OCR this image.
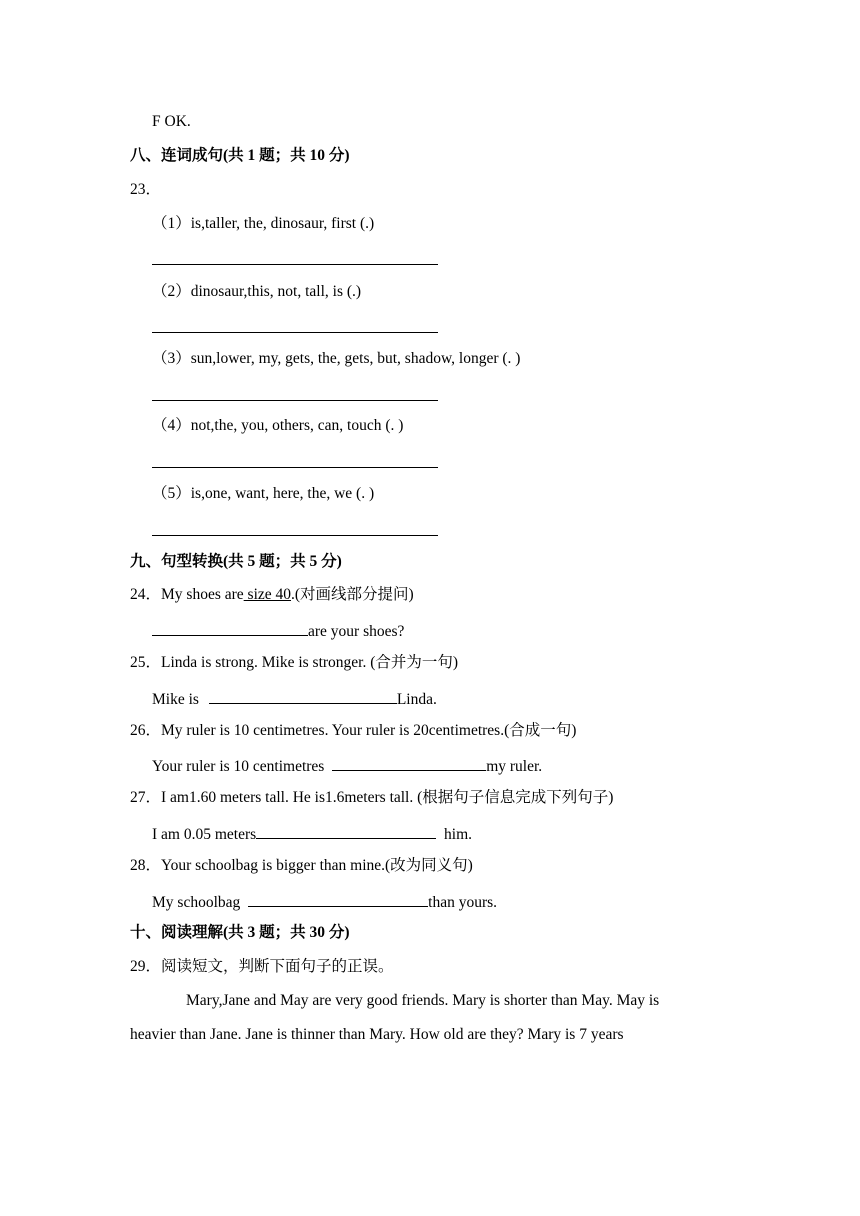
F OK.
八、连词成句(共 1 题；共 10 分)
23．
（1）is,taller, the, dinosaur, first (.)
（2）dinosaur,this, not, tall, is (.)
（3）sun,lower, my, gets, the, gets, but, shadow, longer (. )
（4）not,the, you, others, can, touch (. )
（5）is,one, want, here, the, we (. )
九、句型转换(共 5 题；共 5 分)
24．My shoes are size 40.(对画线部分提问)
are your shoes?
25．Linda is strong. Mike is stronger. (合并为一句)
Mike is	Linda.
26．My ruler is 10 centimetres. Your ruler is 20centimetres.(合成一句)
Your ruler is 10 centimetres	my ruler.
27．I am1.60 meters tall. He is1.6meters tall. (根据句子信息完成下列句子)
I am 0.05 meters	him.
28．Your schoolbag is bigger than mine.(改为同义句)
My schoolbag	than yours.
十、阅读理解(共 3 题；共 30 分)
29．阅读短文，判断下面句子的正误。
Mary,Jane and May are very good friends. Mary is shorter than May. May is
heavier than Jane. Jane is thinner than Mary. How old are they? Mary is 7 years
